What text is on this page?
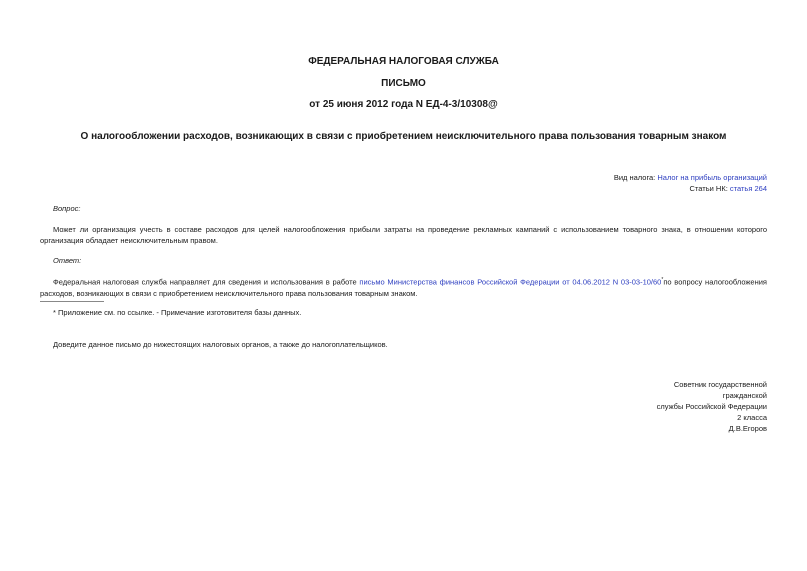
ФЕДЕРАЛЬНАЯ НАЛОГОВАЯ СЛУЖБА
ПИСЬМО
от 25 июня 2012 года N ЕД-4-3/10308@
О налогообложении расходов, возникающих в связи с приобретением неисключительного права пользования товарным знаком
Вид налога: Налог на прибыль организаций
Статьи НК: статья 264
Вопрос:
Может ли организация учесть в составе расходов для целей налогообложения прибыли затраты на проведение рекламных кампаний с использованием товарного знака, в отношении которого организация обладает неисключительным правом.
Ответ:
Федеральная налоговая служба направляет для сведения и использования в работе письмо Министерства финансов Российской Федерации от 04.06.2012 N 03-03-10/60*по вопросу налогообложения расходов, возникающих в связи с приобретением неисключительного права пользования товарным знаком.
* Приложение см. по ссылке. - Примечание изготовителя базы данных.
Доведите данное письмо до нижестоящих налоговых органов, а также до налогоплательщиков.
Советник государственной
гражданской
службы Российской Федерации
2 класса
Д.В.Егоров
